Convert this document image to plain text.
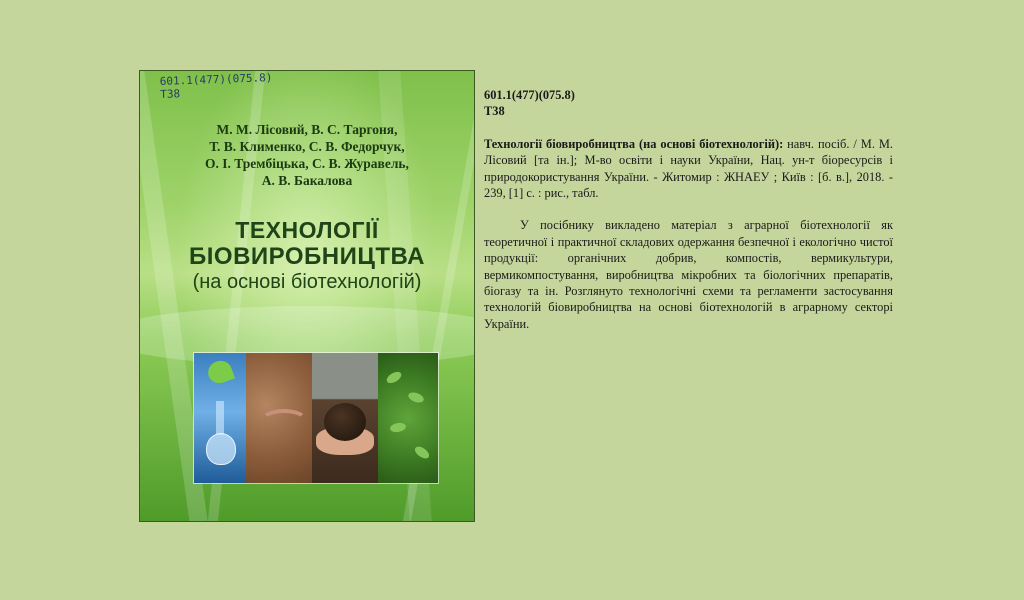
601.1(477)(075.8)
Т38
М. М. Лісовий, В. С. Таргоня,
Т. В. Клименко, С. В. Федорчук,
О. І. Трембіцька, С. В. Журавель,
А. В. Бакалова
ТЕХНОЛОГІЇ
БІОВИРОБНИЦТВА
(на основі біотехнологій)
601.1(477)(075.8)
Т38
Технології біовиробництва (на основі біотехнологій): навч. посіб. / М. М. Лісовий [та ін.]; М-во освіти і науки України, Нац. ун-т біоресурсів і природокористування України. - Житомир : ЖНАЕУ ; Київ : [б. в.], 2018. - 239, [1] с. : рис., табл.
У посібнику викладено матеріал з аграрної біотехнології як теоретичної і практичної складових одержання безпечної і екологічно чистої продукції: органічних добрив, компостів, вермикультури, вермикомпостування, виробництва мікробних та біологічних препаратів, біогазу та ін. Розглянуто технологічні схеми та регламенти застосування технологій біовиробництва на основі біотехнологій в аграрному секторі України.
